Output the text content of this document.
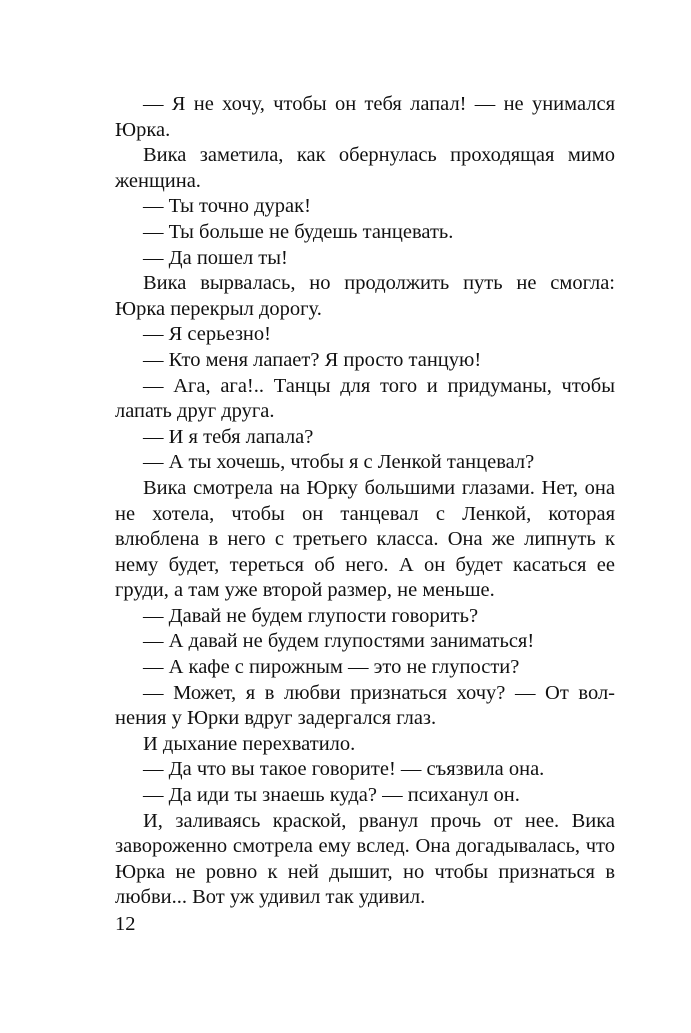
— Я не хочу, чтобы он тебя лапал! — не унимался Юрка.

Вика заметила, как обернулась проходящая мимо женщина.

— Ты точно дурак!

— Ты больше не будешь танцевать.

— Да пошел ты!

Вика вырвалась, но продолжить путь не смогла: Юрка перекрыл дорогу.

— Я серьезно!

— Кто меня лапает? Я просто танцую!

— Ага, ага!.. Танцы для того и придуманы, чтобы лапать друг друга.

— И я тебя лапала?

— А ты хочешь, чтобы я с Ленкой танцевал?

Вика смотрела на Юрку большими глазами. Нет, она не хотела, чтобы он танцевал с Ленкой, которая влюблена в него с третьего класса. Она же липнуть к нему будет, тереться об него. А он будет касаться ее груди, а там уже второй размер, не меньше.

— Давай не будем глупости говорить?

— А давай не будем глупостями заниматься!

— А кафе с пирожным — это не глупости?

— Может, я в любви признаться хочу? — От волнения у Юрки вдруг задергался глаз.

И дыхание перехватило.

— Да что вы такое говорите! — съязвила она.

— Да иди ты знаешь куда? — психанул он.

И, заливаясь краской, рванул прочь от нее. Вика завороженно смотрела ему вслед. Она догадывалась, что Юрка не ровно к ней дышит, но чтобы признаться в любви... Вот уж удивил так удивил.

12
